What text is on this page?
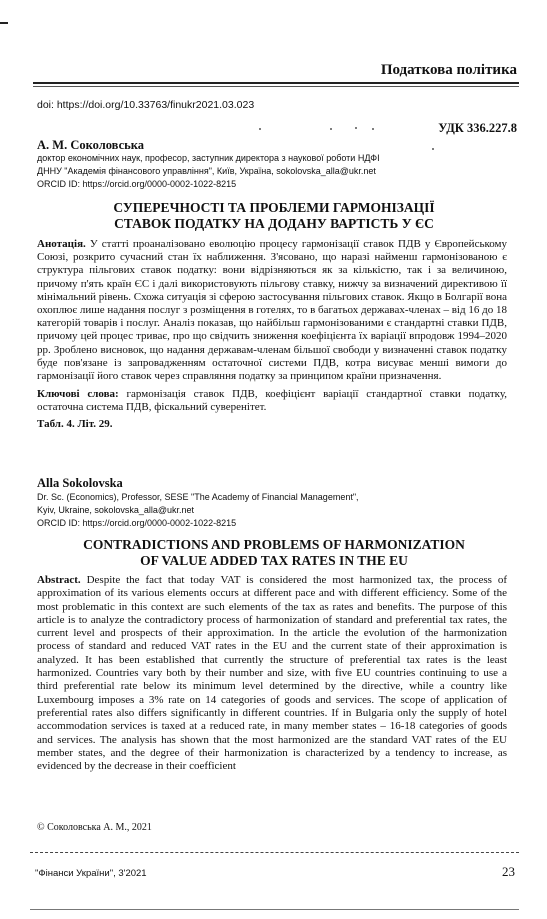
Податкова політика
doi: https://doi.org/10.33763/finukr2021.03.023
УДК 336.227.8
А. М. Соколовська
доктор економічних наук, професор, заступник директора з наукової роботи НДФІ
ДННУ "Академія фінансового управління", Київ, Україна, sokolovska_alla@ukr.net
ORCID ID: https://orcid.org/0000-0002-1022-8215
СУПЕРЕЧНОСТІ ТА ПРОБЛЕМИ ГАРМОНІЗАЦІЇ
СТАВОК ПОДАТКУ НА ДОДАНУ ВАРТІСТЬ У ЄС

Анотація. У статті проаналізовано еволюцію процесу гармонізації ставок ПДВ у Європейському Союзі, розкрито сучасний стан їх наближення. З'ясовано, що наразі найменш гармонізованою є структура пільгових ставок податку: вони відрізняються як за кількістю, так і за величиною, причому п'ять країн ЄС і далі використовують пільгову ставку, нижчу за визначений директивою її мінімальний рівень. Схожа ситуація зі сферою застосування пільгових ставок. Якщо в Болгарії вона охоплює лише надання послуг з розміщення в готелях, то в багатьох державах-членах – від 16 до 18 категорій товарів і послуг. Аналіз показав, що найбільш гармонізованими є стандартні ставки ПДВ, причому цей процес триває, про що свідчить зниження коефіцієнта їх варіації впродовж 1994–2020 рр. Зроблено висновок, що надання державам-членам більшої свободи у визначенні ставок податку буде пов'язане із запровадженням остаточної системи ПДВ, котра висуває менші вимоги до гармонізації його ставок через справляння податку за принципом країни призначення.

Ключові слова: гармонізація ставок ПДВ, коефіцієнт варіації стандартної ставки податку, остаточна система ПДВ, фіскальний суверенітет.

Табл. 4. Літ. 29.

Alla Sokolovska
Dr. Sc. (Economics), Professor, SESE "The Academy of Financial Management",
Kyiv, Ukraine, sokolovska_alla@ukr.net
ORCID ID: https://orcid.org/0000-0002-1022-8215
CONTRADICTIONS AND PROBLEMS OF HARMONIZATION
OF VALUE ADDED TAX RATES IN THE EU

Abstract. Despite the fact that today VAT is considered the most harmonized tax, the process of approximation of its various elements occurs at different pace and with different efficiency. Some of the most problematic in this context are such elements of the tax as rates and benefits. The purpose of this article is to analyze the contradictory process of harmonization of standard and preferential tax rates, the current level and prospects of their approximation. In the article the evolution of the harmonization process of standard and reduced VAT rates in the EU and the current state of their approximation is analyzed. It has been established that currently the structure of preferential tax rates is the least harmonized. Countries vary both by their number and size, with five EU countries continuing to use a third preferential rate below its minimum level determined by the directive, while a country like Luxembourg imposes a 3% rate on 14 categories of goods and services. The scope of application of preferential rates also differs significantly in different countries. If in Bulgaria only the supply of hotel accommodation services is taxed at a reduced rate, in many member states – 16-18 categories of goods and services. The analysis has shown that the most harmonized are the standard VAT rates of the EU member states, and the degree of their harmonization is characterized by a tendency to increase, as evidenced by the decrease in their coefficient

© Соколовська А. М., 2021
"Фінанси України", 3'2021	23
